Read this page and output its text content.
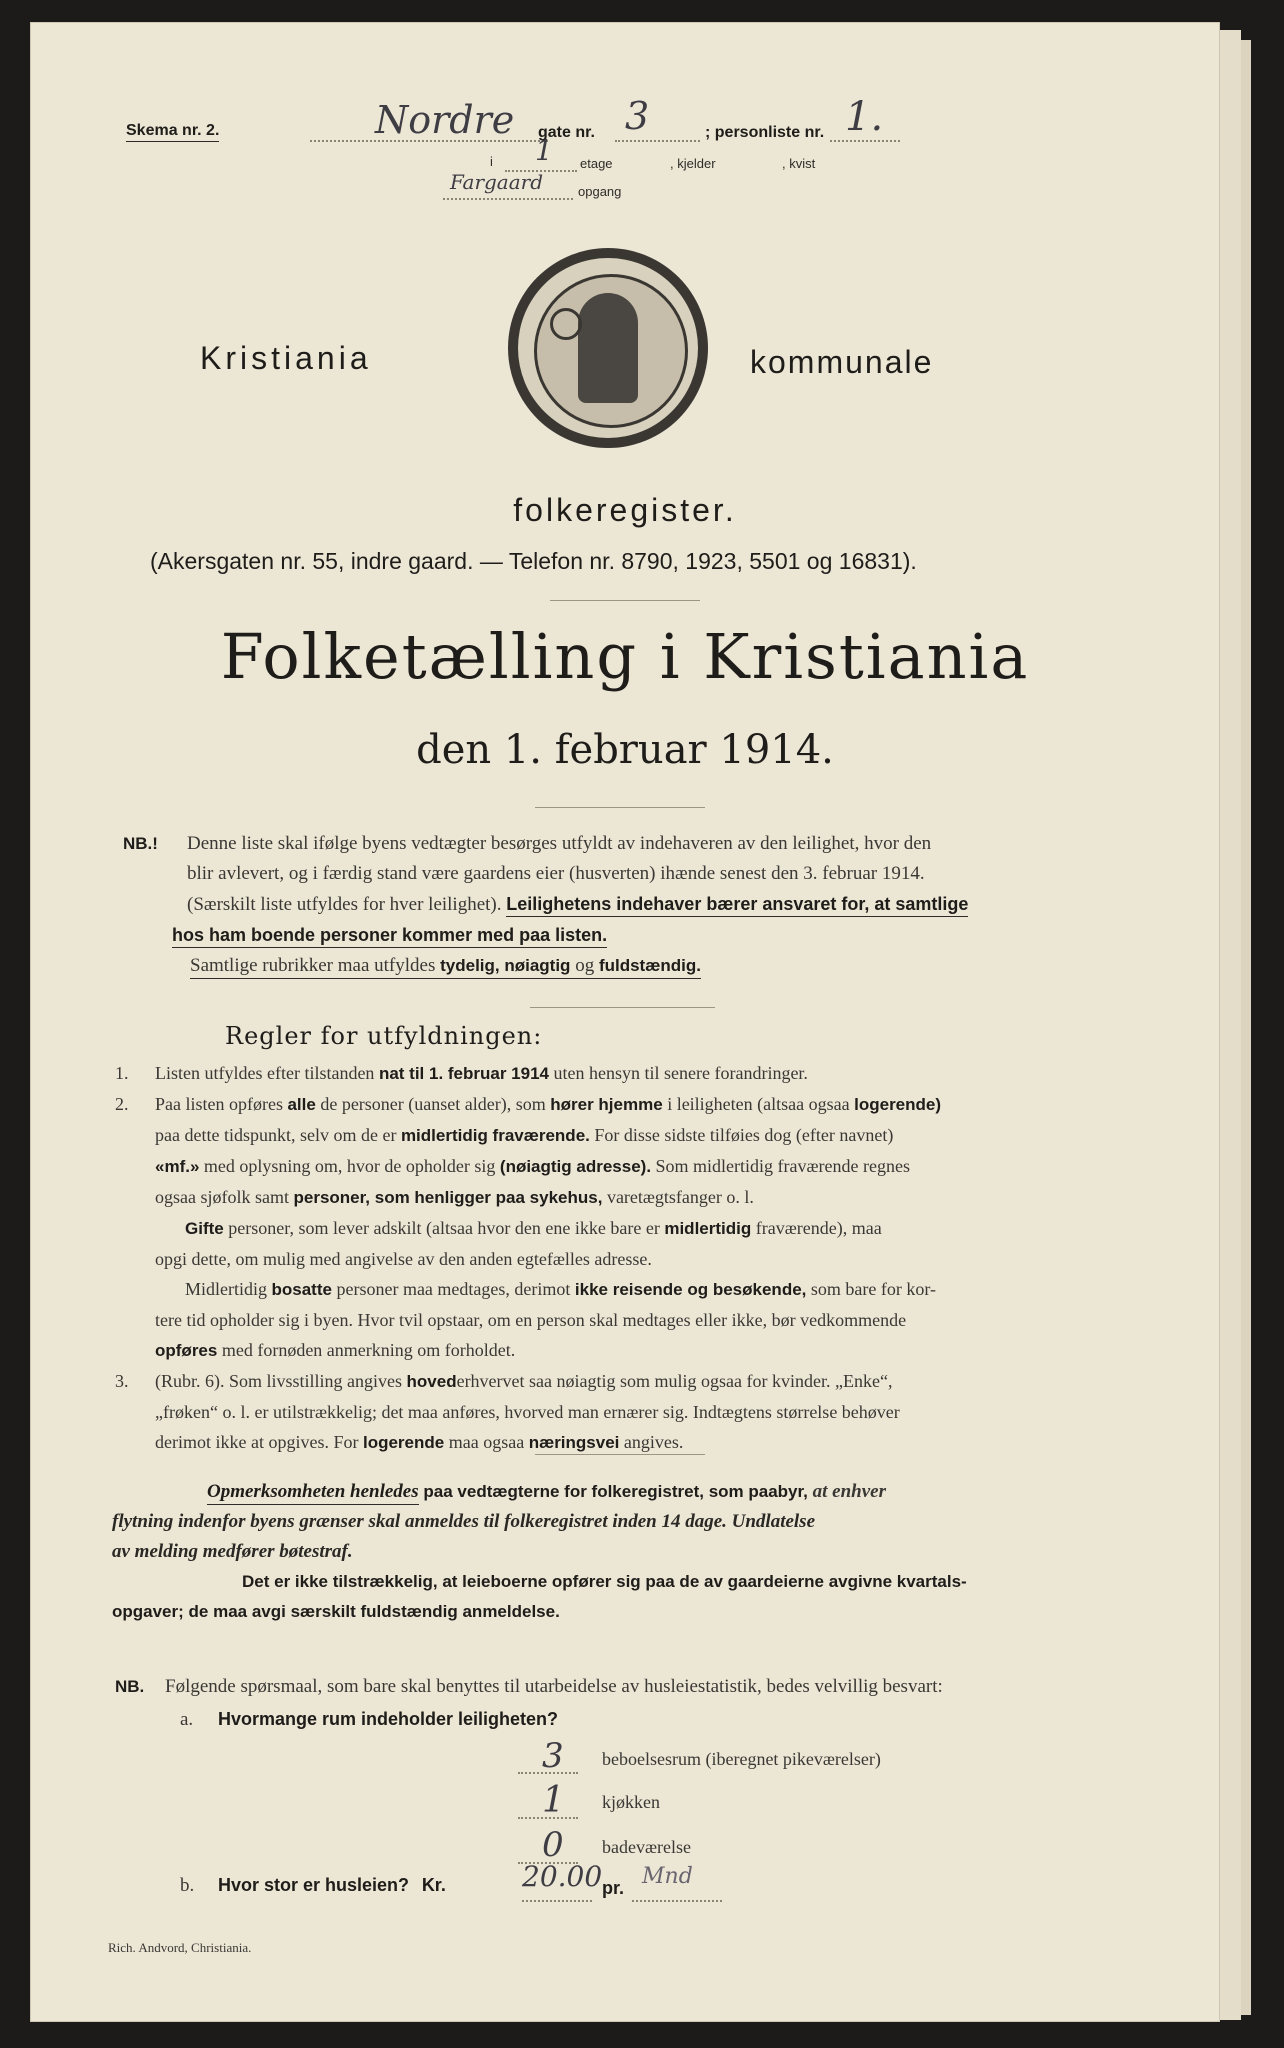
Skema nr. 2.	Nordre gate nr. 3	; personliste nr. 1.
i 1 etage	, kjelder	, kvist
Fargaard	opgang
Kristiania	kommunale
folkeregister.
(Akersgaten nr. 55, indre gaard. — Telefon nr. 8790, 1923, 5501 og 16831).
Folketælling i Kristiania
den 1. februar 1914.
NB.! Denne liste skal ifølge byens vedtægter besørges utfyldt av indehaveren av den leilighet, hvor den
blir avlevert, og i færdig stand være gaardens eier (husverten) ihænde senest den 3. februar 1914.
(Særskilt liste utfyldes for hver leilighet). Leilighetens indehaver bærer ansvaret for, at samtlige
hos ham boende personer kommer med paa listen.
Samtlige rubrikker maa utfyldes tydelig, nøiagtig og fuldstændig.
Regler for utfyldningen:
1. Listen utfyldes efter tilstanden nat til 1. februar 1914 uten hensyn til senere forandringer.
2. Paa listen opføres alle de personer (uanset alder), som hører hjemme i leiligheten (altsaa ogsaa logerende)
paa dette tidspunkt, selv om de er midlertidig fraværende. For disse sidste tilføies dog (efter navnet)
«mf.» med oplysning om, hvor de opholder sig (nøiagtig adresse). Som midlertidig fraværende regnes
ogsaa sjøfolk samt personer, som henligger paa sykehus, varetægtsfanger o. l.
Gifte personer, som lever adskilt (altsaa hvor den ene ikke bare er midlertidig fraværende), maa
opgi dette, om mulig med angivelse av den anden egtefælles adresse.
Midlertidig bosatte personer maa medtages, derimot ikke reisende og besøkende, som bare for kor-
tere tid opholder sig i byen. Hvor tvil opstaar, om en person skal medtages eller ikke, bør vedkommende
opføres med fornøden anmerkning om forholdet.
3. (Rubr. 6). Som livsstilling angives hovederhvervet saa nøiagtig som mulig ogsaa for kvinder. „Enke“,
„frøken“ o. l. er utilstrækkelig; det maa anføres, hvorved man ernærer sig. Indtægtens størrelse behøver
derimot ikke at opgives. For logerende maa ogsaa næringsvei angives.
Opmerksomheten henledes paa vedtægterne for folkeregistret, som paabyr, at enhver
flytning indenfor byens grænser skal anmeldes til folkeregistret inden 14 dage. Undlatelse
av melding medfører bøtestraf.
Det er ikke tilstrækkelig, at leieboerne opfører sig paa de av gaardeierne avgivne kvartals-
opgaver; de maa avgi særskilt fuldstændig anmeldelse.
NB. Følgende spørsmaal, som bare skal benyttes til utarbeidelse av husleiestatistik, bedes velvillig besvart:
a. Hvormange rum indeholder leiligheten?
3 beboelsesrum (iberegnet pikeværelser)
1 kjøkken
0 badeværelse
b. Hvor stor er husleien? Kr.	20.00 pr. Mnd
Rich. Andvord, Christiania.
